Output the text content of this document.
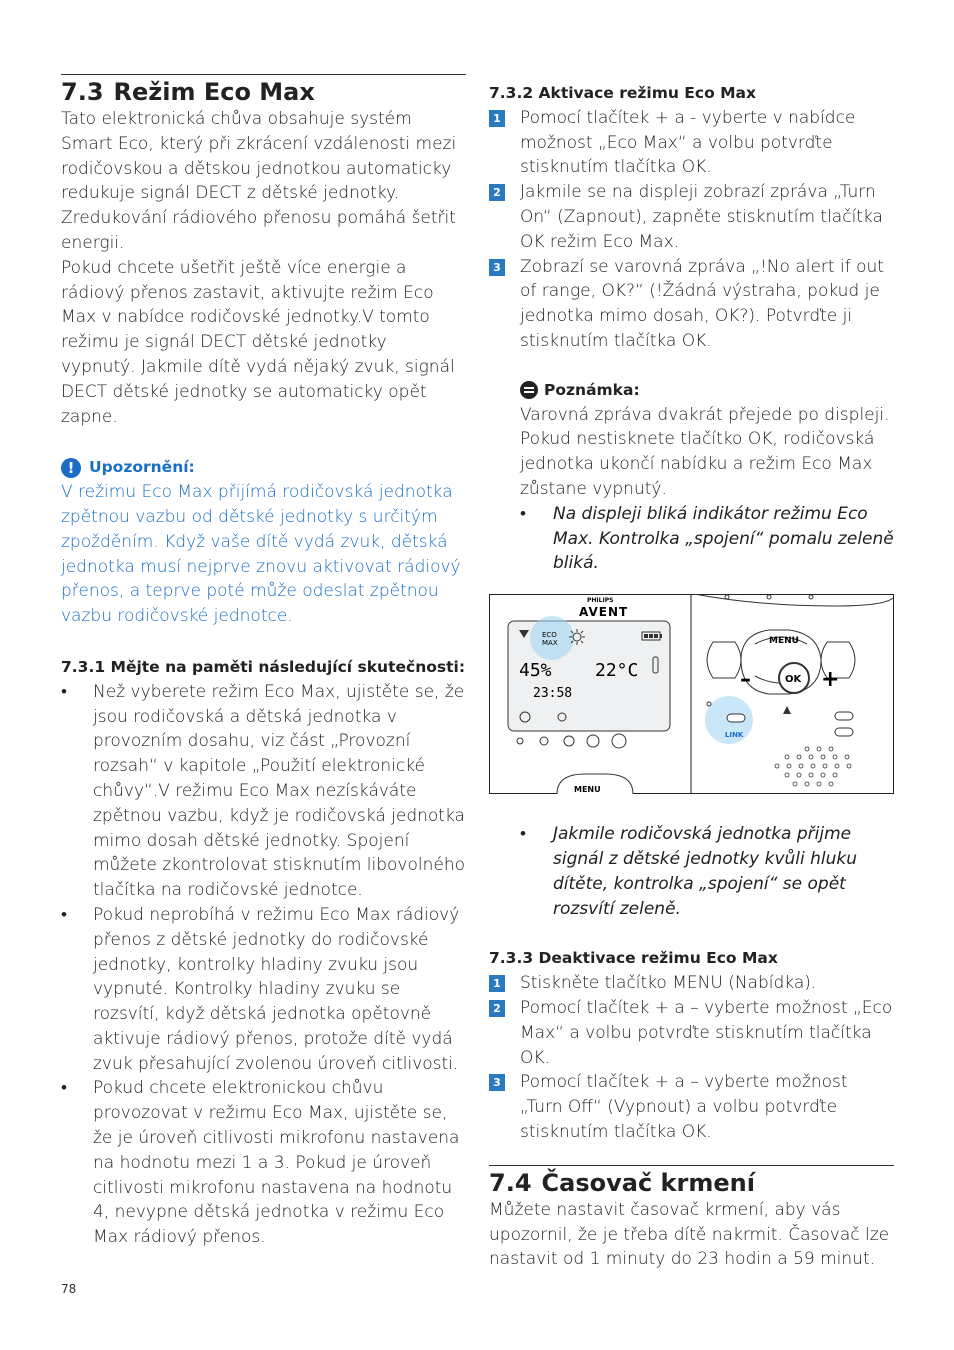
7.3 Režim Eco Max

Tato elektronická chůva obsahuje systém Smart Eco, který při zkrácení vzdálenosti mezi rodičovskou a dětskou jednotkou automaticky redukuje signál DECT z dětské jednotky. Zredukování rádiového přenosu pomáhá šetřit energii.

Pokud chcete ušetřit ještě více energie a rádiový přenos zastavit, aktivujte režim Eco Max v nabídce rodičovské jednotky.V tomto režimu je signál DECT dětské jednotky vypnutý. Jakmile dítě vydá nějaký zvuk, signál DECT dětské jednotky se automaticky opět zapne.

! Upozornění:

V režimu Eco Max přijímá rodičovská jednotka zpětnou vazbu od dětské jednotky s určitým zpožděním. Když vaše dítě vydá zvuk, dětská jednotka musí nejprve znovu aktivovat rádiový přenos, a teprve poté může odeslat zpětnou vazbu rodičovské jednotce.

7.3.1 Mějte na paměti následující skutečnosti:
• Než vyberete režim Eco Max, ujistěte se, že jsou rodičovská a dětská jednotka v provozním dosahu, viz část „Provozní rozsah“ v kapitole „Použití elektronické chůvy“.V režimu Eco Max nezískáváte zpětnou vazbu, když je rodičovská jednotka mimo dosah dětské jednotky. Spojení můžete zkontrolovat stisknutím libovolného tlačítka na rodičovské jednotce.
• Pokud neprobíhá v režimu Eco Max rádiový přenos z dětské jednotky do rodičovské jednotky, kontrolky hladiny zvuku jsou vypnuté. Kontrolky hladiny zvuku se rozsvítí, když dětská jednotka opětovně aktivuje rádiový přenos, protože dítě vydá zvuk přesahující zvolenou úroveň citlivosti.
• Pokud chcete elektronickou chůvu provozovat v režimu Eco Max, ujistěte se, že je úroveň citlivosti mikrofonu nastavena na hodnotu mezi 1 a 3. Pokud je úroveň citlivosti mikrofonu nastavena na hodnotu 4, nevypne dětská jednotka v režimu Eco Max rádiový přenos.
7.3.2 Aktivace režimu Eco Max
1 Pomocí tlačítek + a - vyberte v nabídce možnost „Eco Max“ a volbu potvrďte stisknutím tlačítka OK.
2 Jakmile se na displeji zobrazí zpráva „Turn On“ (Zapnout), zapněte stisknutím tlačítka OK režim Eco Max.
3 Zobrazí se varovná zpráva „!No alert if out of range, OK?“ (!Žádná výstraha, pokud je jednotka mimo dosah, OK?). Potvrďte ji stisknutím tlačítka OK.
Poznámka:

Varovná zpráva dvakrát přejede po displeji. Pokud nestisknete tlačítko OK, rodičovská jednotka ukončí nabídku a režim Eco Max zůstane vypnutý.

• Na displeji bliká indikátor režimu Eco Max. Kontrolka „spojení“ pomalu zeleně bliká.
PHILIPS
AVENT
ECO
MAX
45% 22°C
23:58
MENU
MENU
OK
–	+
LINK
• Jakmile rodičovská jednotka přijme signál z dětské jednotky kvůli hluku dítěte, kontrolka „spojení“ se opět rozsvítí zeleně.
7.3.3 Deaktivace režimu Eco Max
1 Stiskněte tlačítko MENU (Nabídka).
2 Pomocí tlačítek + a – vyberte možnost „Eco Max“ a volbu potvrďte stisknutím tlačítka OK.
3 Pomocí tlačítek + a – vyberte možnost „Turn Off“ (Vypnout) a volbu potvrďte stisknutím tlačítka OK.
7.4 Časovač krmení

Můžete nastavit časovač krmení, aby vás upozornil, že je třeba dítě nakrmit. Časovač lze nastavit od 1 minuty do 23 hodin a 59 minut.

78
